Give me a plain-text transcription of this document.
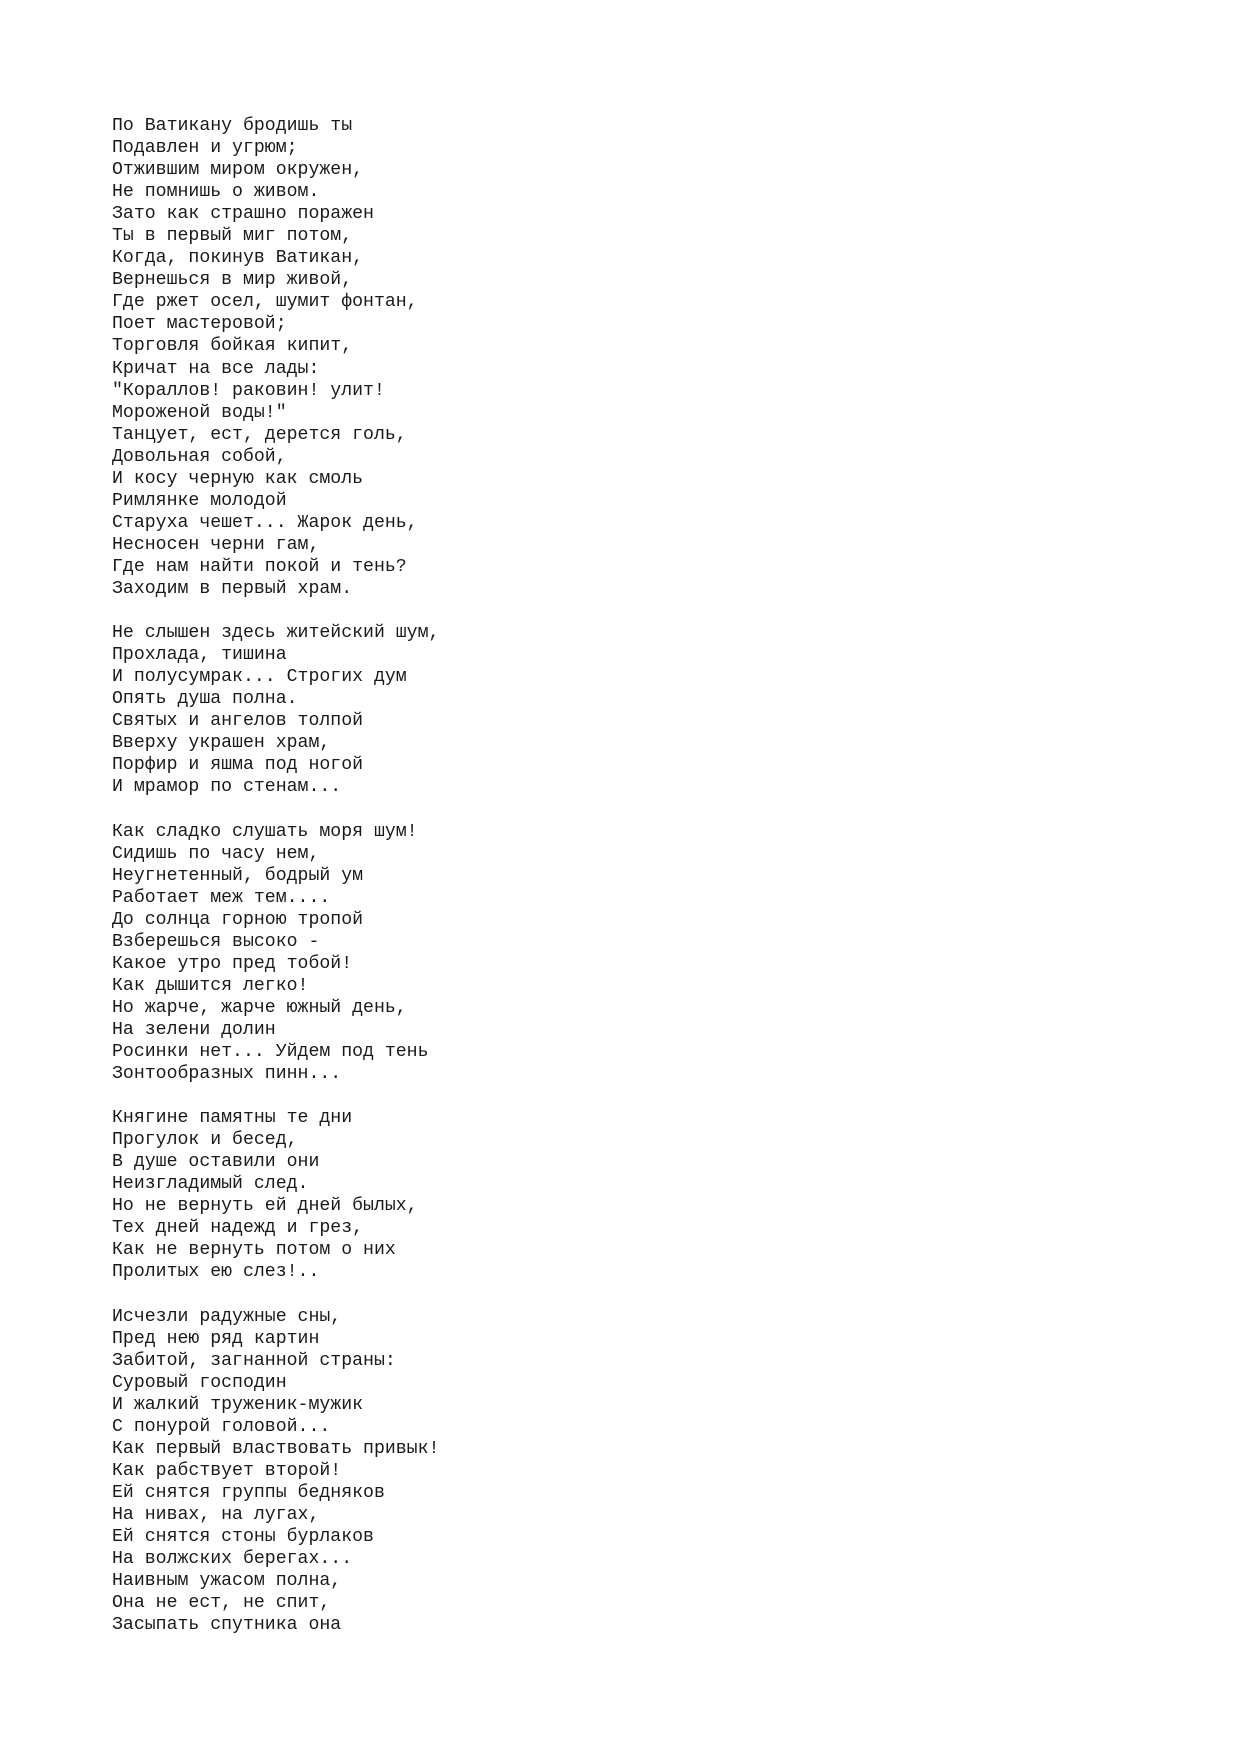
По Ватикану бродишь ты
Подавлен и угрюм;
Отжившим миром окружен,
Не помнишь о живом.
Зато как страшно поражен
Ты в первый миг потом,
Когда, покинув Ватикан,
Вернешься в мир живой,
Где ржет осел, шумит фонтан,
Поет мастеровой;
Торговля бойкая кипит,
Кричат на все лады:
"Кораллов! раковин! улит!
Мороженой воды!"
Танцует, ест, дерется голь,
Довольная собой,
И косу черную как смоль
Римлянке молодой
Старуха чешет... Жарок день,
Несносен черни гам,
Где нам найти покой и тень?
Заходим в первый храм.
Не слышен здесь житейский шум,
Прохлада, тишина
И полусумрак... Строгих дум
Опять душа полна.
Святых и ангелов толпой
Вверху украшен храм,
Порфир и яшма под ногой
И мрамор по стенам...
Как сладко слушать моря шум!
Сидишь по часу нем,
Неугнетенный, бодрый ум
Работает меж тем....
До солнца горною тропой
Взберешься высоко -
Какое утро пред тобой!
Как дышится легко!
Но жарче, жарче южный день,
На зелени долин
Росинки нет... Уйдем под тень
Зонтообразных пинн...
Княгине памятны те дни
Прогулок и бесед,
В душе оставили они
Неизгладимый след.
Но не вернуть ей дней былых,
Тех дней надежд и грез,
Как не вернуть потом о них
Пролитых ею слез!..
Исчезли радужные сны,
Пред нею ряд картин
Забитой, загнанной страны:
Суровый господин
И жалкий труженик-мужик
С понурой головой...
Как первый властвовать привык!
Как рабствует второй!
Ей снятся группы бедняков
На нивах, на лугах,
Ей снятся стоны бурлаков
На волжских берегах...
Наивным ужасом полна,
Она не ест, не спит,
Засыпать спутника она
